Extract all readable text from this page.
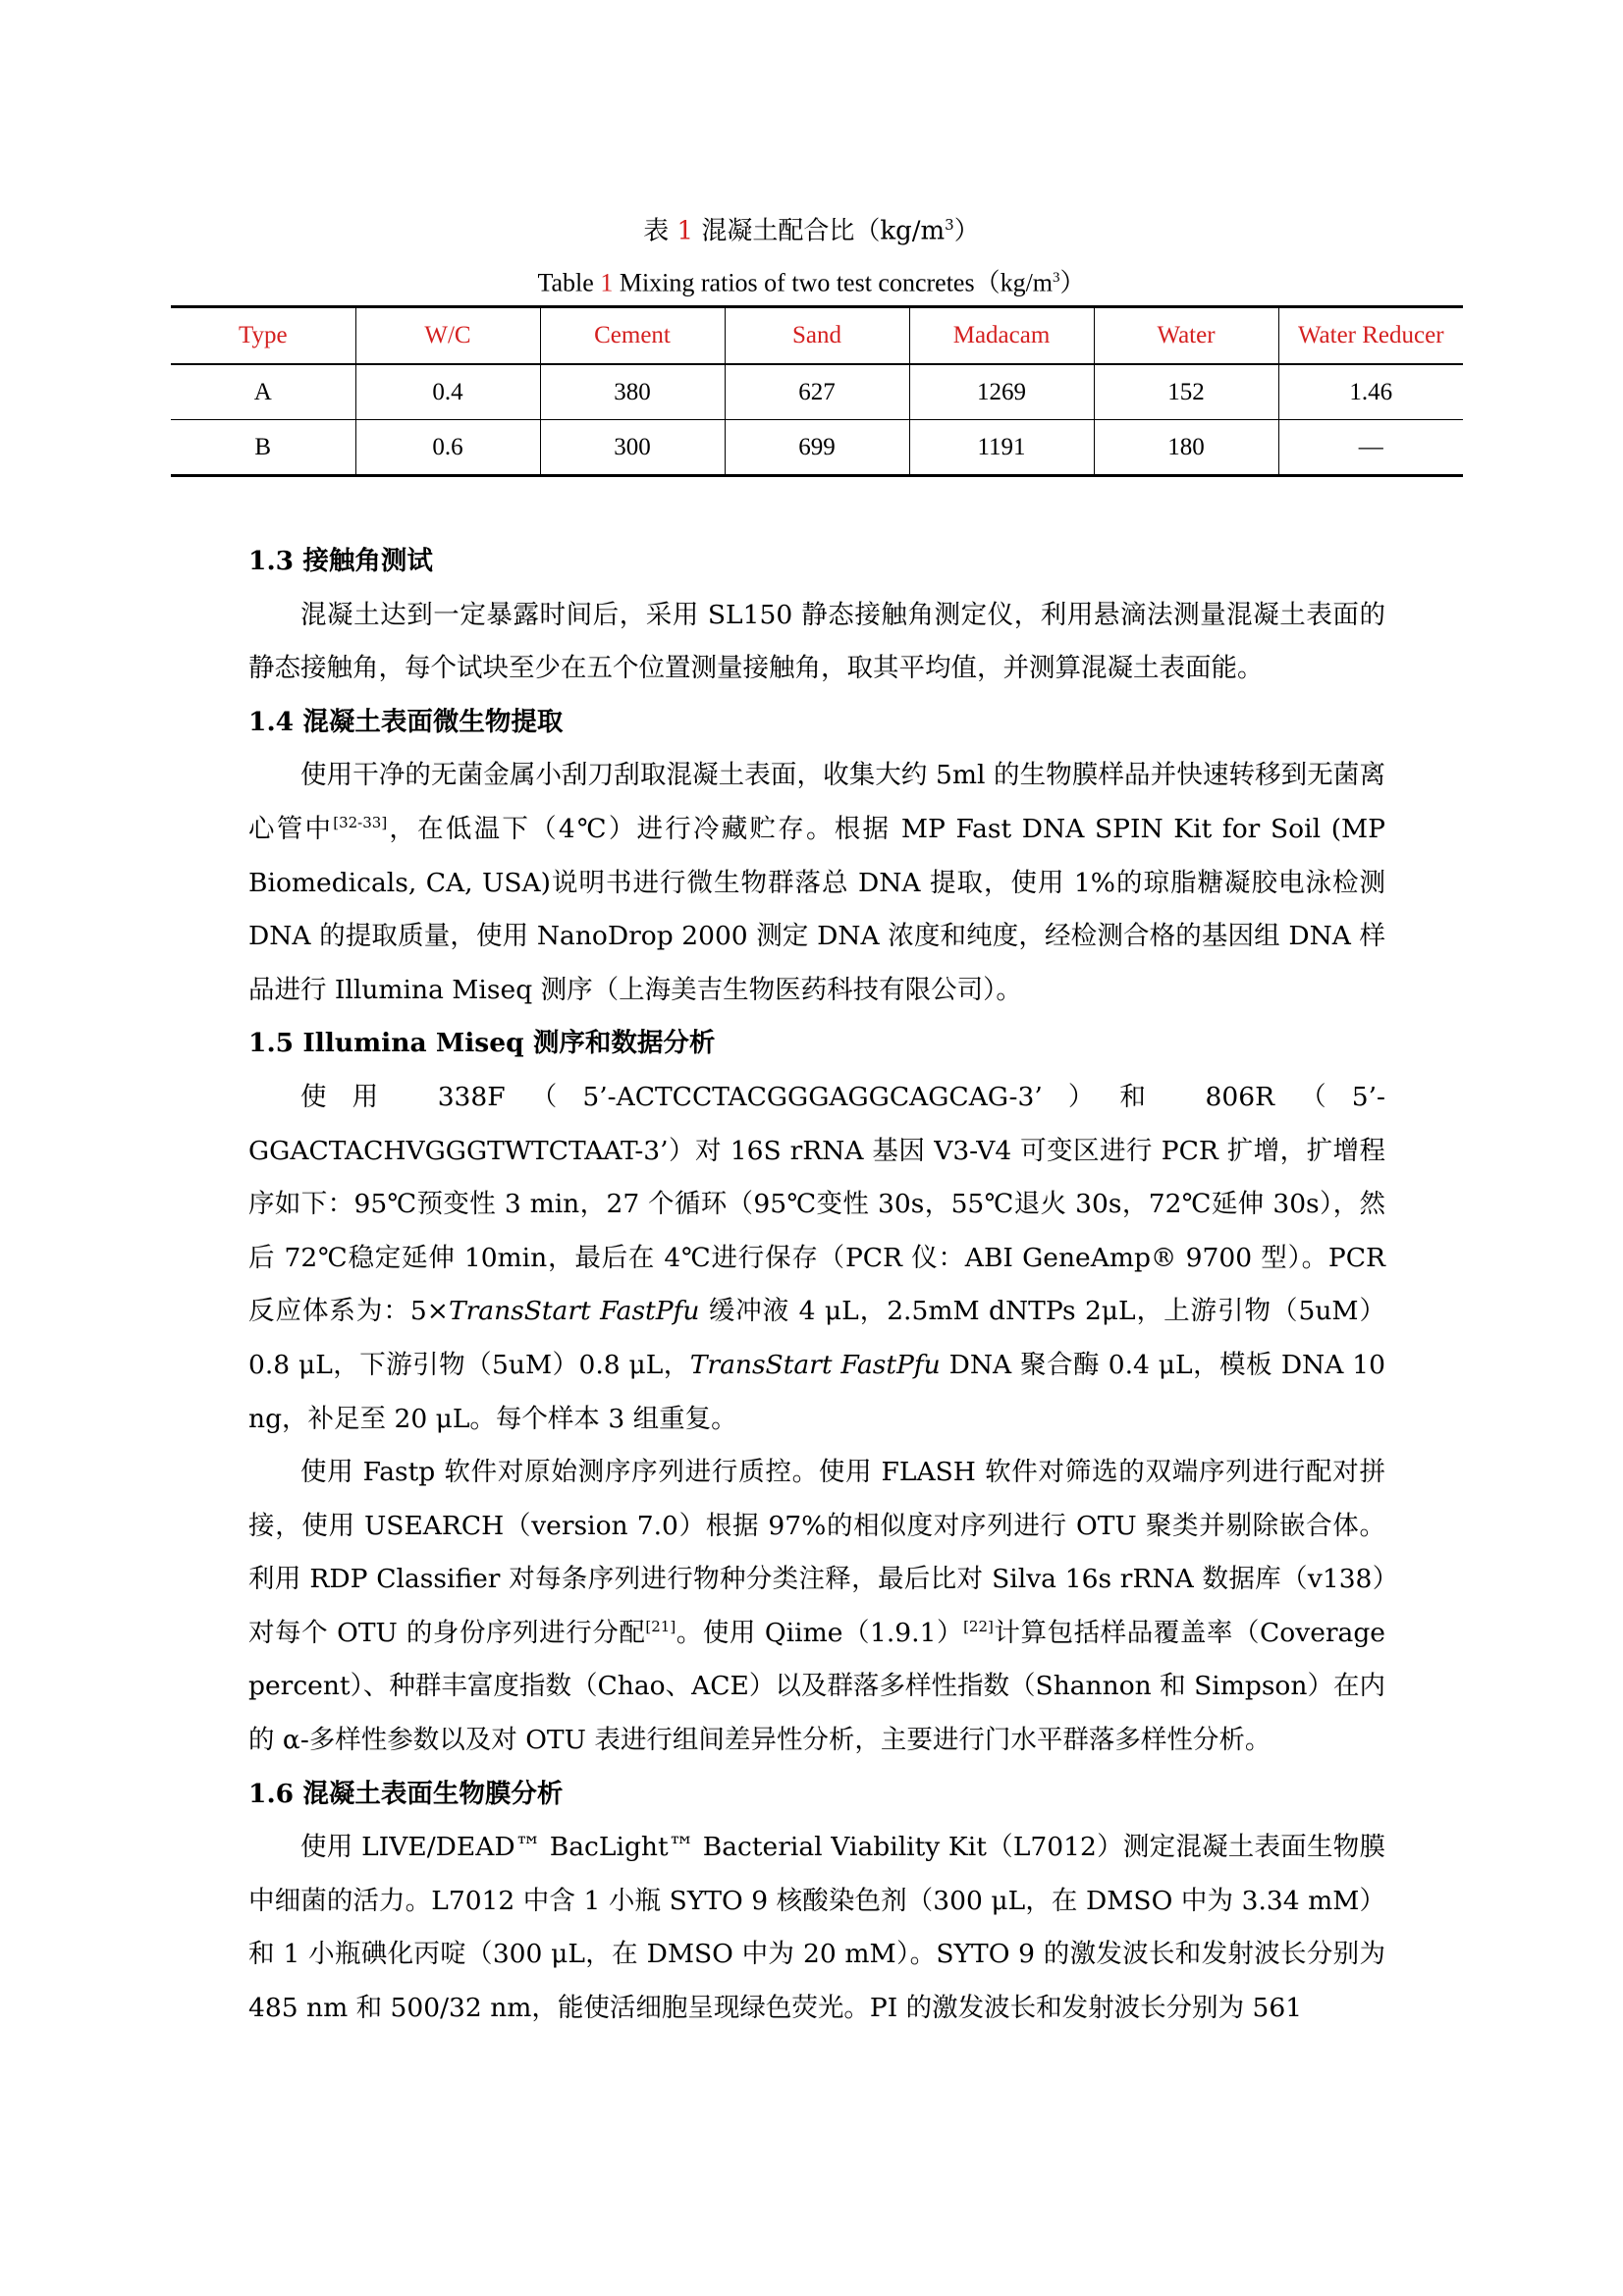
表 1 混凝土配合比$(kg/m^3)$
Table 1 Mixing ratios of two test $concretes(kg/m^3)$
Type	W/C	Cement	Sand	Madacam	Water	Water Reducer
A	0.4	380	627	1269	152	1.46
B	0.6	300	699	1191	180	—
1.3 接触角测试

混凝土达到一定暴露时间后，采用 SL150 静态接触角测定仪，利用悬滴法测量混凝土表面的静态接触角，每个试块至少在五个位置测量接触角，取其平均值，并测算混凝土表面能。

1.4 混凝土表面微生物提取

使用干净的无菌金属小刮刀刮取混凝土表面，收集大约 5ml 的生物膜样品并快速转移到无菌离心管中[32-33]，在低温下（4℃）进行冷藏贮存。根据 MP Fast DNA SPIN Kit for Soil (MP Biomedicals, CA, USA)说明书进行微生物群落总 DNA 提取，使用 1%的琼脂糖凝胶电泳检测 DNA 的提取质量，使用 NanoDrop 2000 测定 DNA 浓度和纯度，经检测合格的基因组 DNA 样品进行 Illumina Miseq 测序（上海美吉生物医药科技有限公司）。

1.5 Illumina Miseq 测序和数据分析

使用 338F（5’-ACTCCTACGGGAGGCAGCAG-3’）和 806R（5’-GGACTACHVGGGTWTCTAAT-3’）对 16S rRNA 基因 V3-V4 可变区进行 PCR 扩增，扩增程序如下：95℃预变性 3 min，27 个循环（95℃变性 30s，55℃退火 30s，72℃延伸 30s），然后 72℃稳定延伸 10min，最后在 4℃进行保存（PCR 仪：ABI GeneAmp® 9700 型）。PCR 反应体系为：5×TransStart FastPfu 缓冲液 4 μL，2.5mM dNTPs 2μL，上游引物（5uM）0.8 μL，下游引物（5uM）0.8 μL，TransStart FastPfu DNA 聚合酶 0.4 μL，模板 DNA 10 ng，补足至 20 μL。每个样本 3 组重复。

使用 Fastp 软件对原始测序序列进行质控。使用 FLASH 软件对筛选的双端序列进行配对拼接，使用 USEARCH（version 7.0）根据 97%的相似度对序列进行 OTU 聚类并剔除嵌合体。利用 RDP Classifier 对每条序列进行物种分类注释，最后比对 Silva 16s rRNA 数据库（v138）对每个 OTU 的身份序列进行分配[21]。使用 Qiime（1.9.1）[22]计算包括样品覆盖率（Coverage percent）、种群丰富度指数（Chao、ACE）以及群落多样性指数（Shannon 和 Simpson）在内的 α-多样性参数以及对 OTU 表进行组间差异性分析，主要进行门水平群落多样性分析。

1.6 混凝土表面生物膜分析

使用 LIVE/DEAD™ BacLight™ Bacterial Viability Kit（L7012）测定混凝土表面生物膜中细菌的活力。L7012 中含 1 小瓶 SYTO 9 核酸染色剂（300 μL，在 DMSO 中为 3.34 mM）和 1 小瓶碘化丙啶（300 μL，在 DMSO 中为 20 mM）。SYTO 9 的激发波长和发射波长分别为 485 nm 和 500/32 nm，能使活细胞呈现绿色荧光。PI 的激发波长和发射波长分别为 561
